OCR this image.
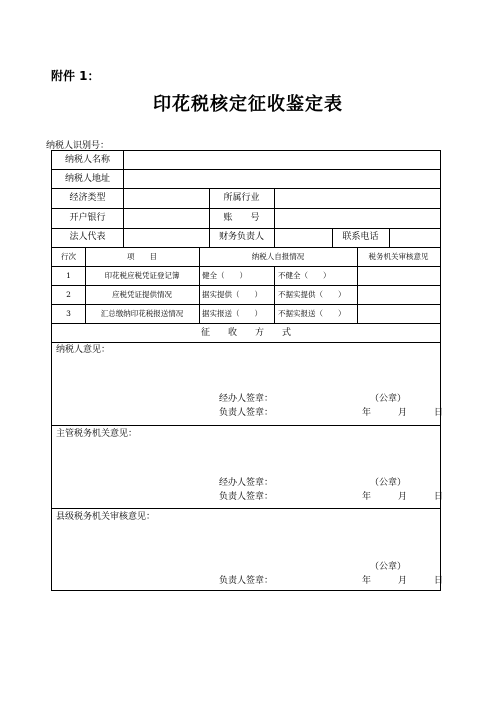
附件 1：
印花税核定征收鉴定表
纳税人识别号：
纳税人名称
纳税人地址
经济类型	所属行业
开户银行	账　　号
法人代表	财务负责人	联系电话
行次	项　　目	纳税人自报情况	税务机关审核意见
1	印花税应税凭证登记簿	健全（　　）	不健全（　　）
2	应税凭证提供情况	据实提供（　　） 不据实提供（　　）
3	汇总缴纳印花税报送情况	据实报送（　　） 不据实报送（　　）
征　　收　　方　　式
纳税人意见：
经办人签章：	（公章）
负责人签章：	年　　　月　　　日
主管税务机关意见：
经办人签章：	（公章）
负责人签章：	年　　　月　　　日
县级税务机关审核意见：
（公章）
负责人签章：	年　　　月　　　日
